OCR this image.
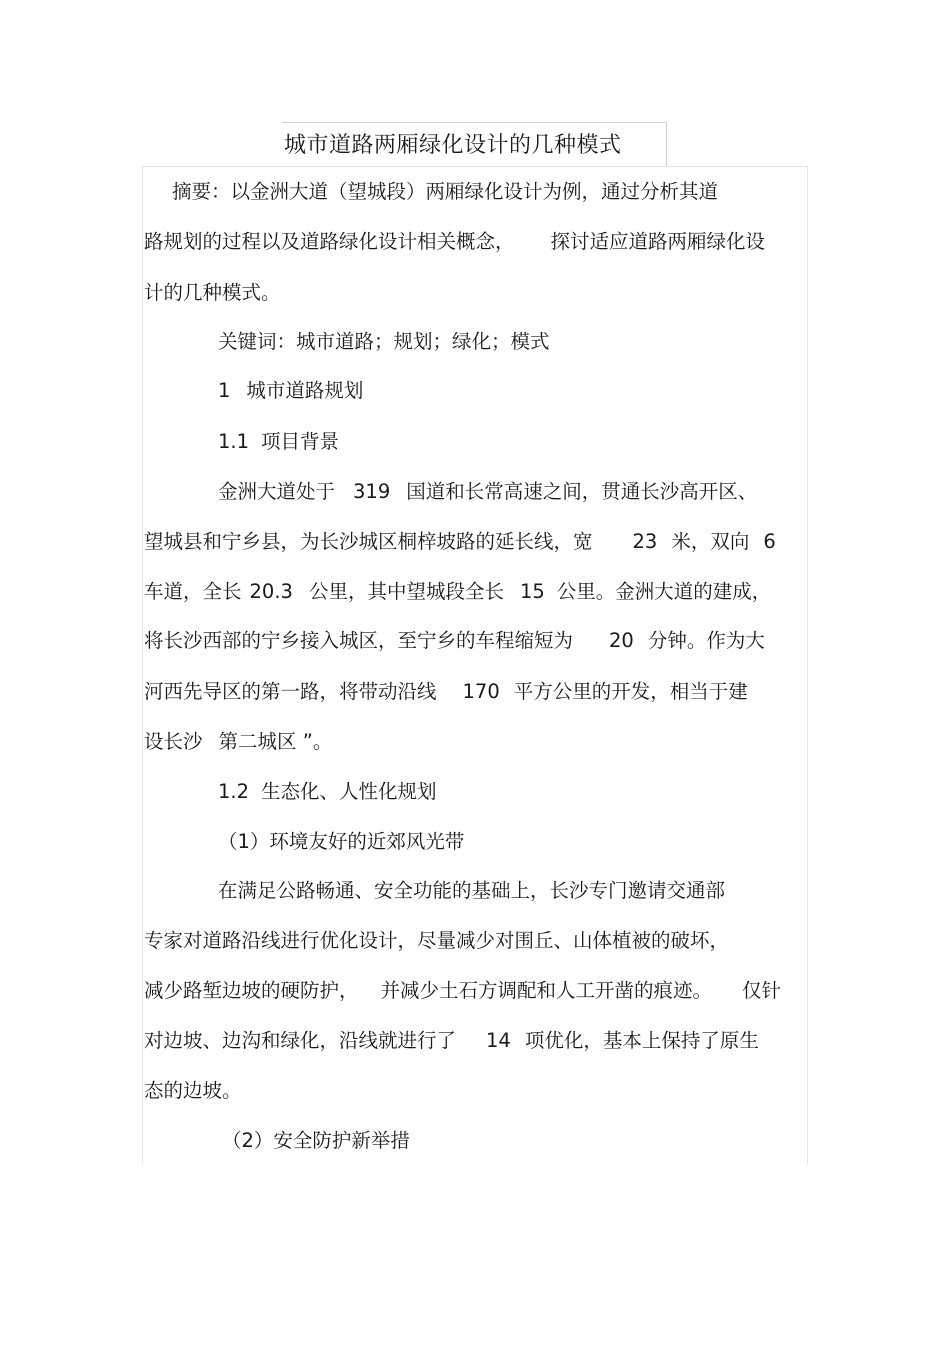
城市道路两厢绿化设计的几种模式

摘要：以金洲大道（望城段）两厢绿化设计为例，通过分析其道

路规划的过程以及道路绿化设计相关概念， 探讨适应道路两厢绿化设

计的几种模式。

关键词：城市道路；规划；绿化；模式

1 城市道路规划

1.1 项目背景

金洲大道处于 319 国道和长常高速之间，贯通长沙高开区、

望城县和宁乡县，为长沙城区桐梓坡路的延长线，宽 23 米，双向 6

车道，全长 20.3 公里，其中望城段全长 15 公里。金洲大道的建成，

将长沙西部的宁乡接入城区，至宁乡的车程缩短为 20 分钟。作为大

河西先导区的第一路，将带动沿线 170 平方公里的开发，相当于建

设长沙 第二城区 ”。

1.2 生态化、人性化规划

（1）环境友好的近郊风光带

在满足公路畅通、安全功能的基础上，长沙专门邀请交通部

专家对道路沿线进行优化设计，尽量减少对围丘、山体植被的破坏，

减少路堑边坡的硬防护， 并减少土石方调配和人工开凿的痕迹。 仅针

对边坡、边沟和绿化，沿线就进行了 14 项优化，基本上保持了原生

态的边坡。

（2）安全防护新举措
